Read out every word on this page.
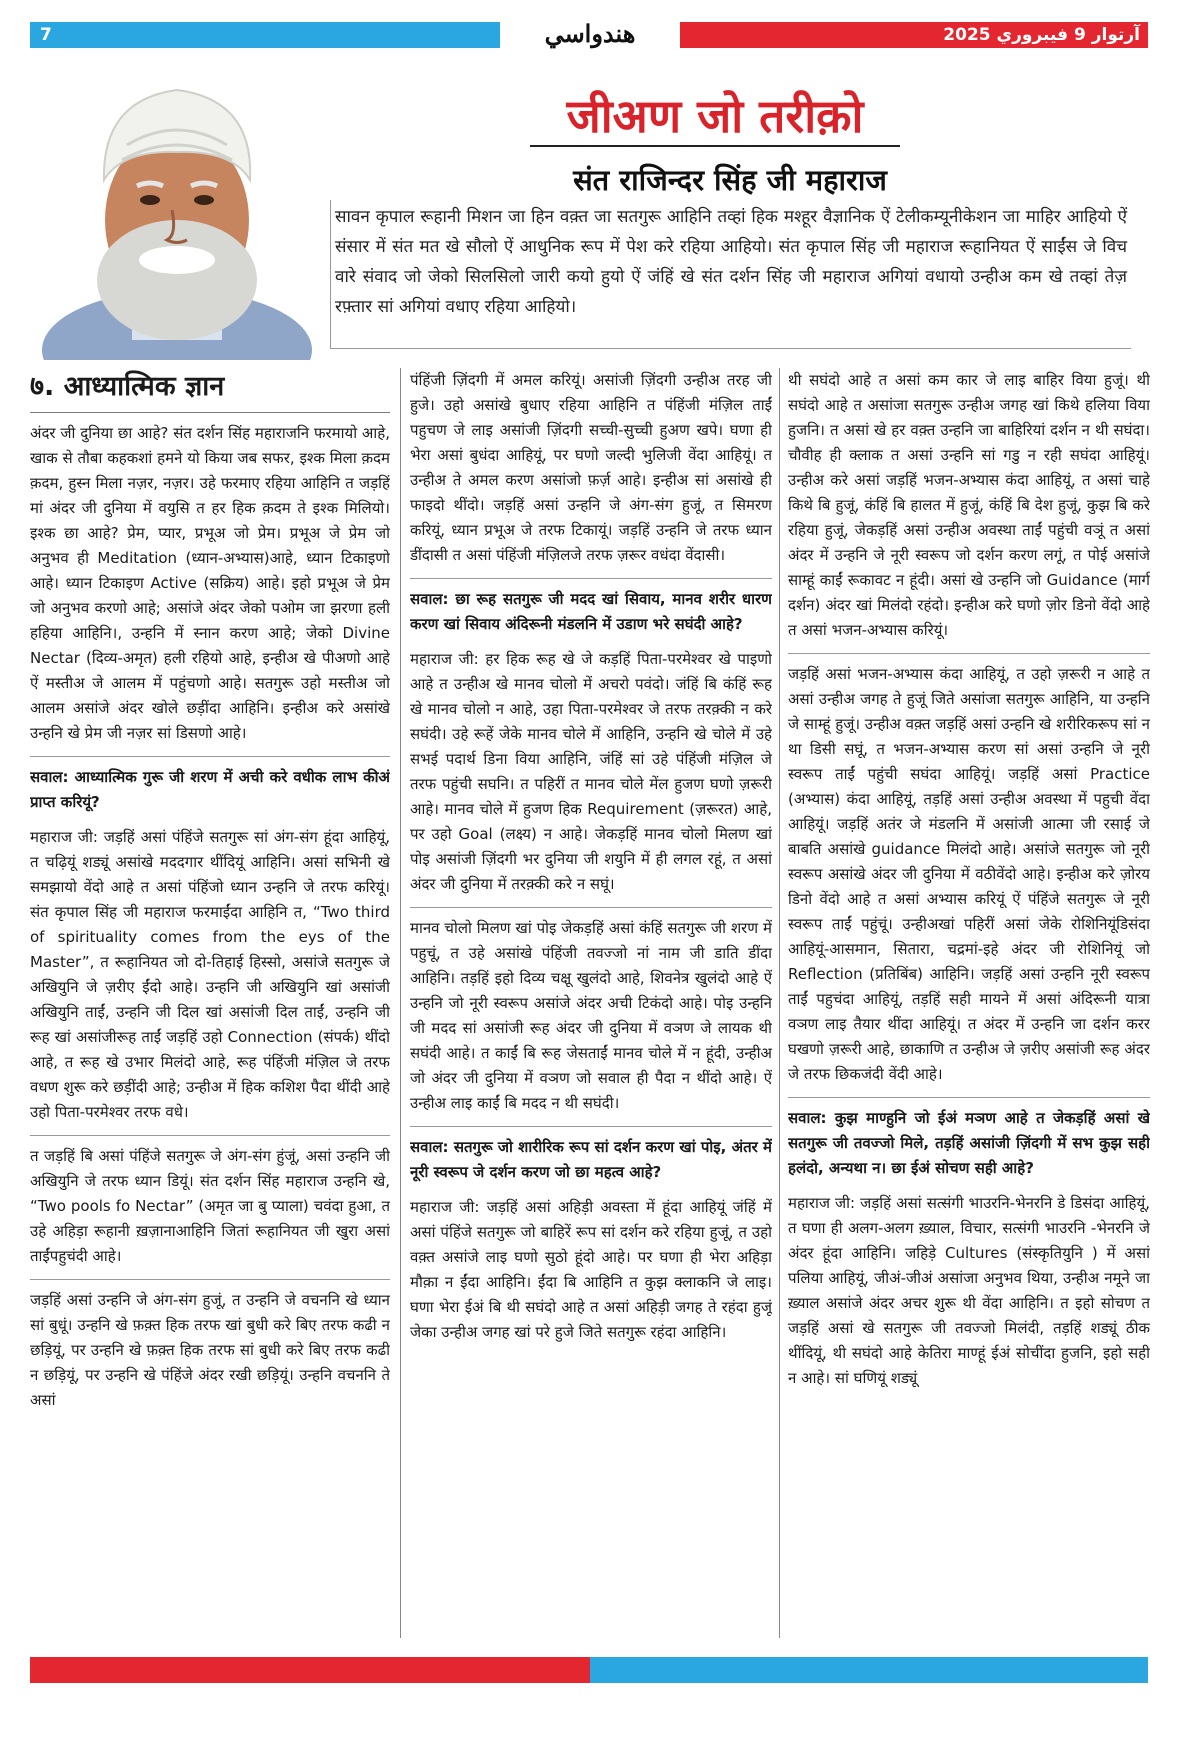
7	هندواسي	آرتوار 9 فيبروري 2025
जीअण जो तरीक़ो
संत राजिन्दर सिंह जी महाराज
सावन कृपाल रूहानी मिशन जा हिन वक़्त जा सतगुरू आहिनि तव्हां हिक मश्हूर वैज्ञानिक ऐं टेलीकम्यूनीकेशन जा माहिर आहियो ऐं संसार में संत मत खे सौलो ऐं आधुनिक रूप में पेश करे रहिया आहियो। संत कृपाल सिंह जी महाराज रूहानियत ऐं साईंस जे विच वारे संवाद जो जेको सिलसिलो जारी कयो हुयो ऐं जंहिं खे संत दर्शन सिंह जी महाराज अगियां वधायो उन्हीअ कम खे तव्हां तेज़ रफ़्तार सां अगियां वधाए रहिया आहियो।
७. आध्यात्मिक ज्ञान

अंदर जी दुनिया छा आहे? संत दर्शन सिंह महाराजनि फरमायो आहे, खाक से तौबा कहकशां हमने यो किया जब सफर, इश्क मिला क़दम क़दम, हुस्न मिला नज़र, नज़र। उहे फरमाए रहिया आहिनि त जड़हिं मां अंदर जी दुनिया में वयुसि त हर हिक क़दम ते इश्क मिलियो। इश्क छा आहे? प्रेम, प्यार, प्रभूअ जो प्रेम। प्रभूअ जे प्रेम जो अनुभव ही Meditation (ध्यान-अभ्यास)आहे, ध्यान टिकाइणो आहे। ध्यान टिकाइण Active (सक्रिय) आहे। इहो प्रभूअ जे प्रेम जो अनुभव करणो आहे; असांजे अंदर जेको पओम जा झरणा हली हहिया आहिनि।, उन्हनि में स्नान करण आहे; जेको Divine Nectar (दिव्य-अमृत) हली रहियो आहे, इन्हीअ खे पीअणो आहे ऐं मस्तीअ जे आलम में पहुंचणो आहे। सतगुरू उहो मस्तीअ जो आलम असांजे अंदर खोले छड़ींदा आहिनि। इन्हीअ करे असांखे उन्हनि खे प्रेम जी नज़र सां डिसणो आहे।

सवाल: आध्यात्मिक गुरू जी शरण में अची करे वधीक लाभ कीअं प्राप्त करियूं?

महाराज जी: जड़हिं असां पंहिंजे सतगुरू सां अंग-संग हूंदा आहियूं, त चढ़ियूं शड्यूं असांखे मददगार थींदियूं आहिनि। असां सभिनी खे समझायो वेंदो आहे त असां पंहिंजो ध्यान उन्हनि जे तरफ करियूं। संत कृपाल सिंह जी महाराज फरमाईंदा आहिनि त, “Two third of spirituality comes from the eys of the Master”, त रूहानियत जो दो-तिहाई हिस्सो, असांजे सतगुरू जे अखियुनि जे ज़रीए ईंदो आहे। उन्हनि जी अखियुनि खां असांजी अखियुनि ताईं, उन्हनि जी दिल खां असांजी दिल ताईं, उन्हनि जी रूह खां असांजीरूह ताईं जड़हिं उहो Connection (संपर्क) थींदो आहे, त रूह खे उभार मिलंदो आहे, रूह पंहिंजी मंज़िल जे तरफ वधण शुरू करे छड़ींदी आहे; उन्हीअ में हिक कशिश पैदा थींदी आहे उहो पिता-परमेश्वर तरफ वधे।

त जड़हिं बि असां पंहिंजे सतगुरू जे अंग-संग हुंजूं, असां उन्हनि जी अखियुनि जे तरफ ध्यान डियूं। संत दर्शन सिंह महाराज उन्हनि खे, “Two pools fo Nectar” (अमृत जा बु प्याला) चवंदा हुआ, त उहे अहिड़ा रूहानी ख़ज़ानाआहिनि जितां रूहानियत जी खुरा असां ताईंपहुचंदी आहे।

जड़हिं असां उन्हनि जे अंग-संग हुजूं, त उन्हनि जे वचननि खे ध्यान सां बुधूं। उन्हनि खे फ़क़्त हिक तरफ खां बुधी करे बिए तरफ कढी न छड़ियूं, पर उन्हनि खे फ़क़्त हिक तरफ सां बुधी करे बिए तरफ कढी न छड़ियूं, पर उन्हनि खे पंहिंजे अंदर रखी छड़ियूं। उन्हनि वचननि ते असां

पंहिंजी ज़िंदगी में अमल करियूं। असांजी ज़िंदगी उन्हीअ तरह जी हुजे। उहो असांखे बुधाए रहिया आहिनि त पंहिंजी मंज़िल ताईं पहुचण जे लाइ असांजी ज़िंदगी सच्ची-सुच्ची हुअण खपे। घणा ही भेरा असां बुधंदा आहियूं, पर घणो जल्दी भुलिजी वेंदा आहियूं। त उन्हीअ ते अमल करण असांजो फ़र्ज़ आहे। इन्हीअ सां असांखे ही फाइदो थींदो। जड़हिं असां उन्हनि जे अंग-संग हुजूं, त सिमरण करियूं, ध्यान प्रभूअ जे तरफ टिकायूं। जड़हिं उन्हनि जे तरफ ध्यान डींदासी त असां पंहिंजी मंज़िलजे तरफ ज़रूर वधंदा वेंदासी।

सवाल: छा रूह सतगुरू जी मदद खां सिवाय, मानव शरीर धारण करण खां सिवाय अंदिरूनी मंडलनि में उडाण भरे सघंदी आहे?

महाराज जी: हर हिक रूह खे जे कड़हिं पिता-परमेश्वर खे पाइणो आहे त उन्हीअ खे मानव चोलो में अचरो पवंदो। जंहिं बि कंहिं रूह खे मानव चोलो न आहे, उहा पिता-परमेश्वर जे तरफ तरक़्की न करे सघंदी। उहे रूहें जेके मानव चोले में आहिनि, उन्हनि खे चोले में उहे सभई पदार्थ डिना विया आहिनि, जंहिं सां उहे पंहिंजी मंज़िल जे तरफ पहुंची सघनि। त पहिरीं त मानव चोले मेंल हुजण घणो ज़रूरी आहे। मानव चोले में हुजण हिक Requirement (ज़रूरत) आहे, पर उहो Goal (लक्ष्य) न आहे। जेकड़हिं मानव चोलो मिलण खां पोइ असांजी ज़िंदगी भर दुनिया जी शयुनि में ही लगल रहूं, त असां अंदर जी दुनिया में तरक़्की करे न सघूं।

मानव चोलो मिलण खां पोइ जेकड़हिं असां कंहिं सतगुरू जी शरण में पहुचूं, त उहे असांखे पंहिंजी तवज्जो नां नाम जी डाति डींदा आहिनि। तड़हिं इहो दिव्य चक्षू खुलंदो आहे, शिवनेत्र खुलंदो आहे ऐं उन्हनि जो नूरी स्वरूप असांजे अंदर अची टिकंदो आहे। पोइ उन्हनि जी मदद सां असांजी रूह अंदर जी दुनिया में वञण जे लायक थी सघंदी आहे। त काईं बि रूह जेसताईं मानव चोले में न हूंदी, उन्हीअ जो अंदर जी दुनिया में वञण जो सवाल ही पैदा न थींदो आहे। ऐं उन्हीअ लाइ काईं बि मदद न थी सघंदी।

सवाल: सतगुरू जो शारीरिक रूप सां दर्शन करण खां पोइ, अंतर में नूरी स्वरूप जे दर्शन करण जो छा महत्व आहे?

महाराज जी: जड़हिं असां अहिड़ी अवस्ता में हूंदा आहियूं जंहिं में असां पंहिंजे सतगुरू जो बाहिरें रूप सां दर्शन करे रहिया हुजूं, त उहो वक़्त असांजे लाइ घणो सुठो हूंदो आहे। पर घणा ही भेरा अहिड़ा मौक़ा न ईंदा आहिनि। ईंदा बि आहिनि त कुझ क्लाकनि जे लाइ। घणा भेरा ईअं बि थी सघंदो आहे त असां अहिड़ी जगह ते रहंदा हुजूं जेका उन्हीअ जगह खां परे हुजे जिते सतगुरू रहंदा आहिनि।

थी सघंदो आहे त असां कम कार जे लाइ बाहिर विया हुजूं। थी सघंदो आहे त असांजा सतगुरू उन्हीअ जगह खां किथे हलिया विया हुजनि। त असां खे हर वक़्त उन्हनि जा बाहिरियां दर्शन न थी सघंदा। चौवीह ही क्लाक त असां उन्हनि सां गडु न रही सघंदा आहियूं। उन्हीअ करे असां जड़हिं भजन-अभ्यास कंदा आहियूं, त असां चाहे किथे बि हुजूं, कंहिं बि हालत में हुजूं, कंहिं बि देश हुजूं, कुझ बि करे रहिया हुजूं, जेकड़हिं असां उन्हीअ अवस्था ताईं पहुंची वञूं त असां अंदर में उन्हनि जे नूरी स्वरूप जो दर्शन करण लगूं, त पोई असांजे साम्हूं काईं रूकावट न हूंदी। असां खे उन्हनि जो Guidance (मार्ग दर्शन) अंदर खां मिलंदो रहंदो। इन्हीअ करे घणो ज़ोर डिनो वेंदो आहे त असां भजन-अभ्यास करियूं।

जड़हिं असां भजन-अभ्यास कंदा आहियूं, त उहो ज़रूरी न आहे त असां उन्हीअ जगह ते हुजूं जिते असांजा सतगुरू आहिनि, या उन्हनि जे साम्हूं हुजूं। उन्हीअ वक़्त जड़हिं असां उन्हनि खे शरीरिकरूप सां न था डिसी सघूं, त भजन-अभ्यास करण सां असां उन्हनि जे नूरी स्वरूप ताईं पहुंची सघंदा आहियूं। जड़हिं असां Practice (अभ्यास) कंदा आहियूं, तड़हिं असां उन्हीअ अवस्था में पहुची वेंदा आहियूं। जड़हिं अतंर जे मंडलनि में असांजी आत्मा जी रसाई जे बाबति असांखे guidance मिलंदो आहे। असांजे सतगुरू जो नूरी स्वरूप असांखे अंदर जी दुनिया में वठीवेंदो आहे। इन्हीअ करे ज़ोरय डिनो वेंदो आहे त असां अभ्यास करियूं ऐं पंहिंजे सतगुरू जे नूरी स्वरूप ताईं पहुंचूं। उन्हीअखां पहिरीं असां जेके रोशिनियूंडिसंदा आहियूं-आसमान, सितारा, चद्रमां-इहे अंदर जी रोशिनियूं जो Reflection (प्रतिबिंब) आहिनि। जड़हिं असां उन्हनि नूरी स्वरूप ताईं पहुचंदा आहियूं, तड़हिं सही मायने में असां अंदिरूनी यात्रा वञण लाइ तैयार थींदा आहियूं। त अंदर में उन्हनि जा दर्शन करर घखणो ज़रूरी आहे, छाकाणि त उन्हीअ जे ज़रीए असांजी रूह अंदर जे तरफ छिकजंदी वेंदी आहे।

सवाल: कुझ माण्हुनि जो ईअं मञण आहे त जेकड़हिं असां खे सतगुरू जी तवज्जो मिले, तड़हिं असांजी ज़िंदगी में सभ कुझ सही हलंदो, अन्यथा न। छा ईअं सोचण सही आहे?

महाराज जी: जड़हिं असां सत्संगी भाउरनि-भेनरनि डे डिसंदा आहियूं, त घणा ही अलग-अलग ख़्याल, विचार, सत्संगी भाउरनि -भेनरनि जे अंदर हूंदा आहिनि। जहिड़े Cultures (संस्कृतियुनि ) में असां पलिया आहियूं, जीअं-जीअं असांजा अनुभव थिया, उन्हीअ नमूने जा ख़्याल असांजे अंदर अचर शुरू थी वेंदा आहिनि। त इहो सोचण त जड़हिं असां खे सतगुरू जी तवज्जो मिलंदी, तड़हिं शड्यूं ठीक थींदियूं, थी सघंदो आहे केतिरा माण्हूं ईअं सोचींदा हुजनि, इहो सही न आहे। सां घणियूं शड्यूं
